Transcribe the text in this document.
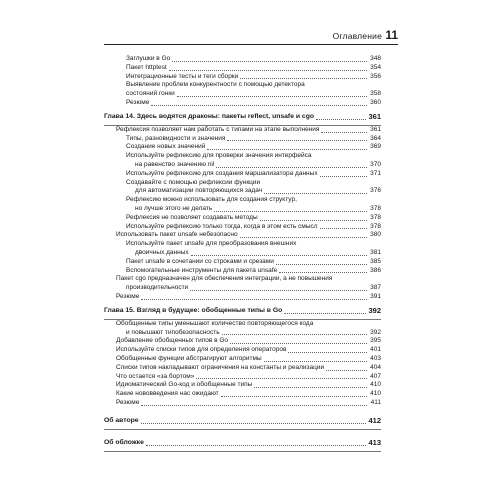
Оглавление 11
Заглушки в Go	348
Пакет httptest	354
Интеграционные тесты и теги сборки	356
Выявление проблем конкурентности с помощью детектора
состояний гонки	358
Резюме	360
Глава 14. Здесь водятся драконы: пакеты reflect, unsafe и cgo	361
Рефлексия позволяет нам работать с типами на этапе выполнения	361
Типы, разновидности и значения	364
Создание новых значений	369
Используйте рефлексию для проверки значения интерфейса
на равенство значению nil	370
Используйте рефлексию для создания маршализатора данных	371
Создавайте с помощью рефлексии функции
для автоматизации повторяющихся задач	376
Рефлексию можно использовать для создания структур,
но лучше этого не делать	378
Рефлексия не позволяет создавать методы	378
Используйте рефлексию только тогда, когда в этом есть смысл	378
Использовать пакет unsafe небезопасно	380
Используйте пакет unsafe для преобразования внешних
двоичных данных	381
Пакет unsafe в сочетании со строками и срезами	385
Вспомогательные инструменты для пакета unsafe	386
Пакет cgo предназначен для обеспечения интеграции, а не повышения
производительности	387
Резюме	391
Глава 15. Взгляд в будущее: обобщенные типы в Go	392
Обобщенные типы уменьшают количество повторяющегося кода
и повышают типобезопасность	392
Добавление обобщенных типов в Go	395
Используйте списки типов для определения операторов	401
Обобщенные функции абстрагируют алгоритмы	403
Списки типов накладывают ограничения на константы и реализации	404
Что остается «за бортом»	407
Идиоматический Go-код и обобщенные типы	410
Какие нововведения нас ожидают	410
Резюме	411
Об авторе	412
Об обложке	413
